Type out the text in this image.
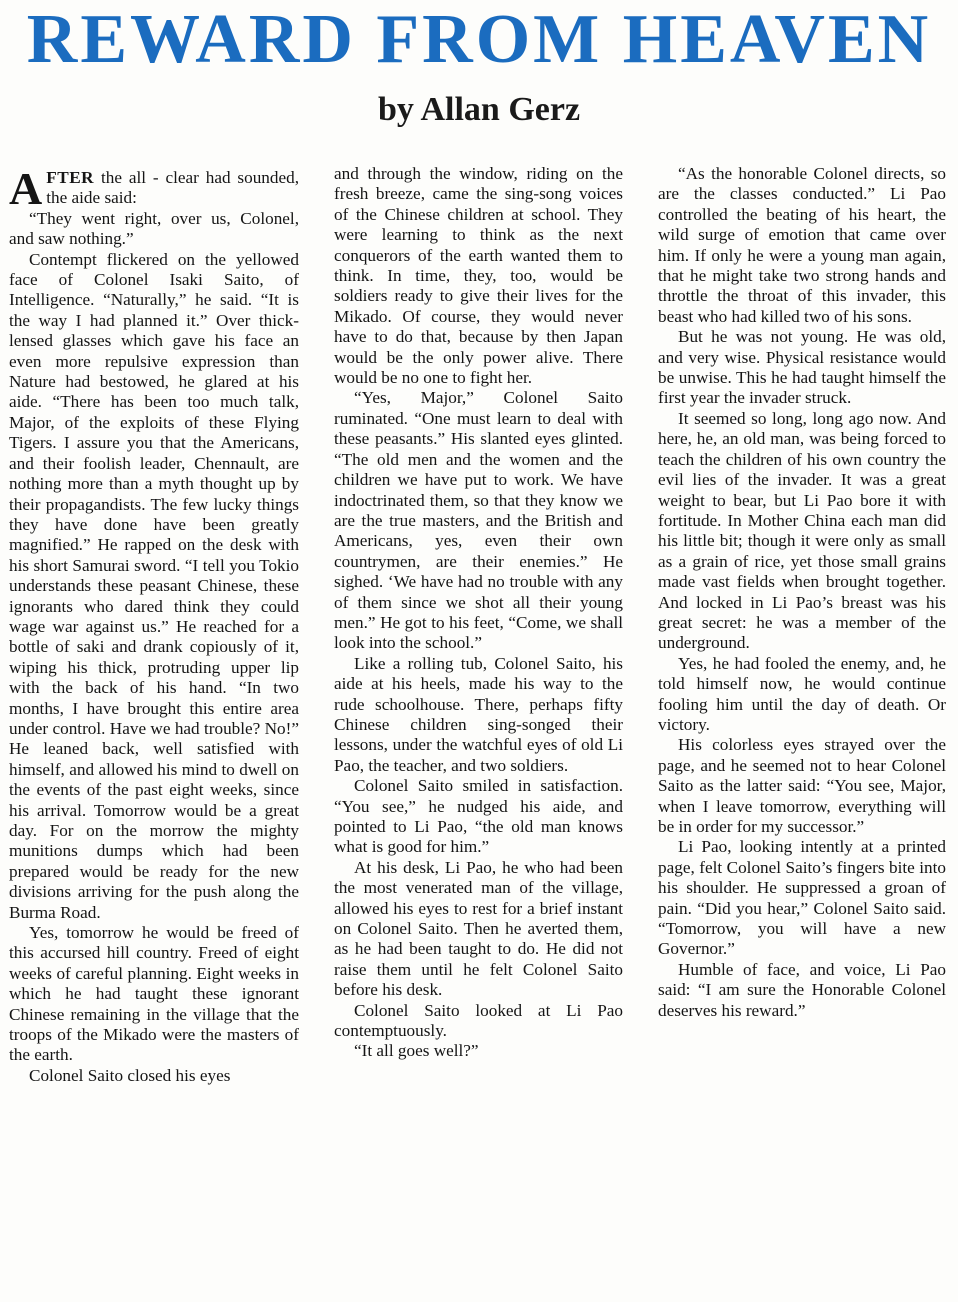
REWARD FROM HEAVEN
by Allan Gerz

AFTER the all - clear had sounded, the aide said:

“They went right, over us, Colonel, and saw nothing.”

Contempt flickered on the yellowed face of Colonel Isaki Saito, of Intelligence. “Naturally,” he said. “It is the way I had planned it.” Over thick-lensed glasses which gave his face an even more repulsive expression than Nature had bestowed, he glared at his aide. “There has been too much talk, Major, of the exploits of these Flying Tigers. I assure you that the Americans, and their foolish leader, Chennault, are nothing more than a myth thought up by their propagandists. The few lucky things they have done have been greatly magnified.” He rapped on the desk with his short Samurai sword. “I tell you Tokio understands these peasant Chinese, these ignorants who dared think they could wage war against us.” He reached for a bottle of saki and drank copiously of it, wiping his thick, protruding upper lip with the back of his hand. “In two months, I have brought this entire area under control. Have we had trouble? No!” He leaned back, well satisfied with himself, and allowed his mind to dwell on the events of the past eight weeks, since his arrival. Tomorrow would be a great day. For on the morrow the mighty munitions dumps which had been prepared would be ready for the new divisions arriving for the push along the Burma Road.

Yes, tomorrow he would be freed of this accursed hill country. Freed of eight weeks of careful planning. Eight weeks in which he had taught these ignorant Chinese remaining in the village that the troops of the Mikado were the masters of the earth.

Colonel Saito closed his eyes

and through the window, riding on the fresh breeze, came the sing-song voices of the Chinese children at school. They were learning to think as the next conquerors of the earth wanted them to think. In time, they, too, would be soldiers ready to give their lives for the Mikado. Of course, they would never have to do that, because by then Japan would be the only power alive. There would be no one to fight her.

“Yes, Major,” Colonel Saito ruminated. “One must learn to deal with these peasants.” His slanted eyes glinted. “The old men and the women and the children we have put to work. We have indoctrinated them, so that they know we are the true masters, and the British and Americans, yes, even their own countrymen, are their enemies.” He sighed. ‘We have had no trouble with any of them since we shot all their young men.” He got to his feet, “Come, we shall look into the school.”

Like a rolling tub, Colonel Saito, his aide at his heels, made his way to the rude schoolhouse. There, perhaps fifty Chinese children sing-songed their lessons, under the watchful eyes of old Li Pao, the teacher, and two soldiers.

Colonel Saito smiled in satisfaction. “You see,” he nudged his aide, and pointed to Li Pao, “the old man knows what is good for him.”

At his desk, Li Pao, he who had been the most venerated man of the village, allowed his eyes to rest for a brief instant on Colonel Saito. Then he averted them, as he had been taught to do. He did not raise them until he felt Colonel Saito before his desk.

Colonel Saito looked at Li Pao contemptuously.

“It all goes well?”

“As the honorable Colonel directs, so are the classes conducted.” Li Pao controlled the beating of his heart, the wild surge of emotion that came over him. If only he were a young man again, that he might take two strong hands and throttle the throat of this invader, this beast who had killed two of his sons.

But he was not young. He was old, and very wise. Physical resistance would be unwise. This he had taught himself the first year the invader struck.

It seemed so long, long ago now. And here, he, an old man, was being forced to teach the children of his own country the evil lies of the invader. It was a great weight to bear, but Li Pao bore it with fortitude. In Mother China each man did his little bit; though it were only as small as a grain of rice, yet those small grains made vast fields when brought together. And locked in Li Pao’s breast was his great secret: he was a member of the underground.

Yes, he had fooled the enemy, and, he told himself now, he would continue fooling him until the day of death. Or victory.

His colorless eyes strayed over the page, and he seemed not to hear Colonel Saito as the latter said: “You see, Major, when I leave tomorrow, everything will be in order for my successor.”

Li Pao, looking intently at a printed page, felt Colonel Saito’s fingers bite into his shoulder. He suppressed a groan of pain. “Did you hear,” Colonel Saito said. “Tomorrow, you will have a new Governor.”

Humble of face, and voice, Li Pao said: “I am sure the Honorable Colonel deserves his reward.”
